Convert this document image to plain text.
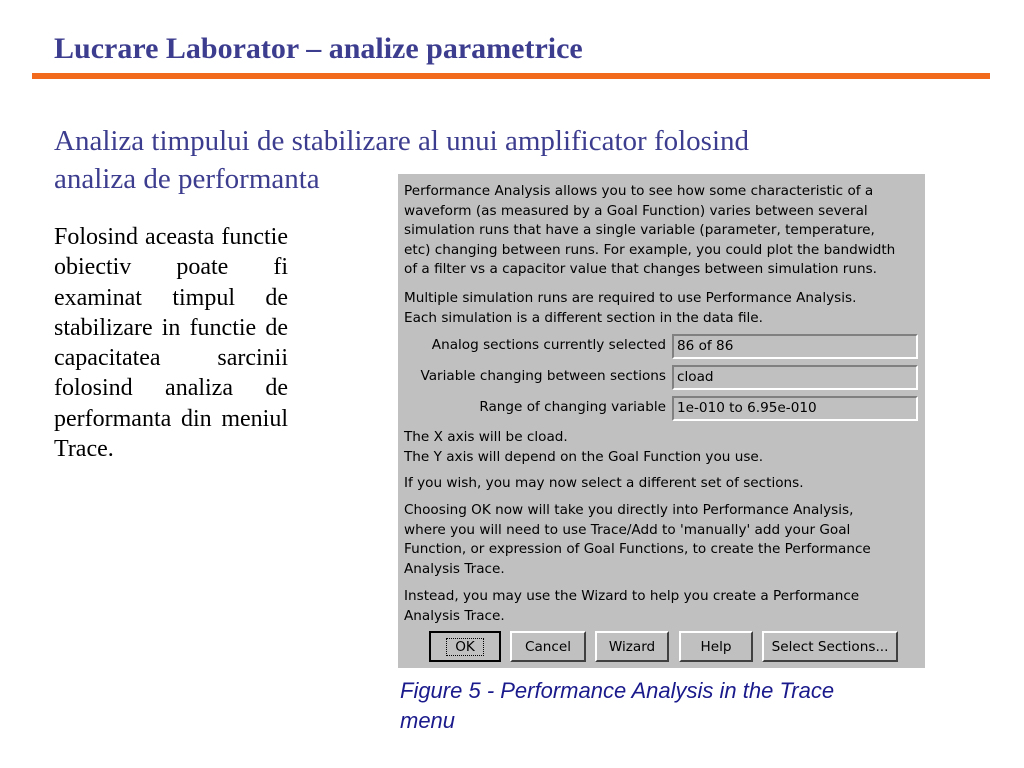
Lucrare Laborator – analize parametrice

Analiza timpului de stabilizare al unui amplificator folosind
analiza de performanta

Folosind aceasta functie obiectiv poate fi examinat timpul de stabilizare in functie de capacitatea sarcinii folosind analiza de performanta din meniul Trace.

Performance Analysis allows you to see how some characteristic of a
waveform (as measured by a Goal Function) varies between several
simulation runs that have a single variable (parameter, temperature,
etc) changing between runs. For example, you could plot the bandwidth
of a filter vs a capacitor value that changes between simulation runs.

Multiple simulation runs are required to use Performance Analysis.
Each simulation is a different section in the data file.

Analog sections currently selected 86 of 86
Variable changing between sections cload
Range of changing variable 1e-010 to 6.95e-010

The X axis will be cload.
The Y axis will depend on the Goal Function you use.

If you wish, you may now select a different set of sections.

Choosing OK now will take you directly into Performance Analysis,
where you will need to use Trace/Add to 'manually' add your Goal
Function, or expression of Goal Functions, to create the Performance
Analysis Trace.

Instead, you may use the Wizard to help you create a Performance
Analysis Trace.

OK	Cancel	Wizard	Help	Select Sections...

Figure 5 - Performance Analysis in the Trace
menu
